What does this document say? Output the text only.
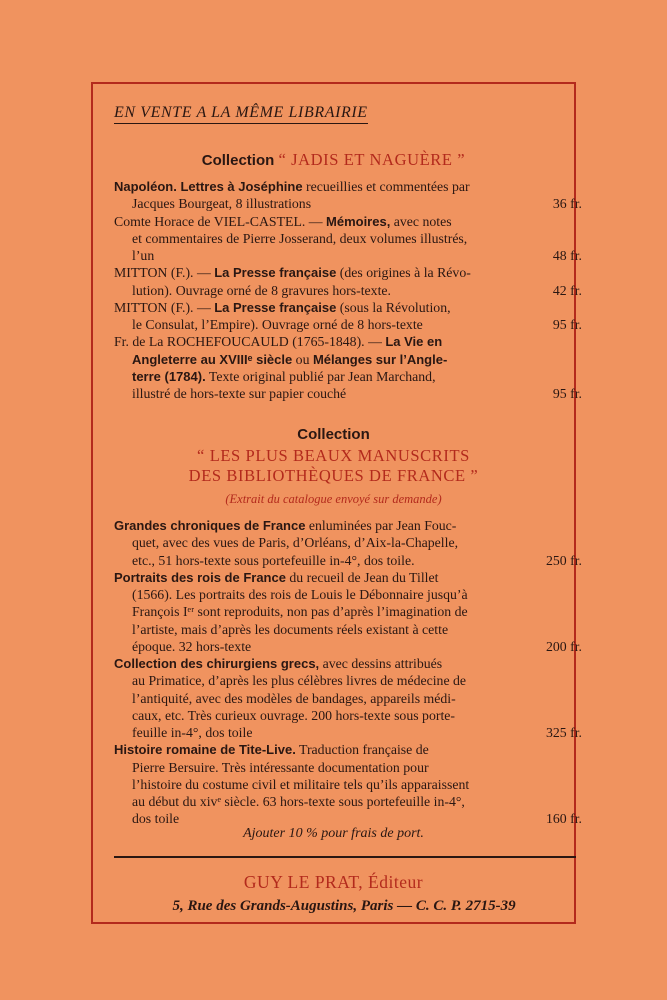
EN VENTE A LA MÊME LIBRAIRIE
Collection “ JADIS ET NAGUÈRE ”
Napoléon. Lettres à Joséphine recueillies et commentées par
Jacques Bourgeat, 8 illustrations	36 fr.
Comte Horace de VIEL-CASTEL. — Mémoires, avec notes
et commentaires de Pierre Josserand, deux volumes illustrés,
l’un	48 fr.
MITTON (F.). — La Presse française (des origines à la Révo-
lution). Ouvrage orné de 8 gravures hors-texte.	42 fr.
MITTON (F.). — La Presse française (sous la Révolution,
le Consulat, l’Empire). Ouvrage orné de 8 hors-texte	95 fr.
Fr. de La ROCHEFOUCAULD (1765-1848). — La Vie en
Angleterre au XVIIIᵉ siècle ou Mélanges sur l’Angle-
terre (1784). Texte original publié par Jean Marchand,
illustré de hors-texte sur papier couché	95 fr.
Collection
“ LES PLUS BEAUX MANUSCRITS
DES BIBLIOTHÈQUES DE FRANCE ”
(Extrait du catalogue envoyé sur demande)
Grandes chroniques de France enluminées par Jean Fouc-
quet, avec des vues de Paris, d’Orléans, d’Aix-la-Chapelle,
etc., 51 hors-texte sous portefeuille in-4°, dos toile.	250 fr.
Portraits des rois de France du recueil de Jean du Tillet
(1566). Les portraits des rois de Louis le Débonnaire jusqu’à
François Iᵉʳ sont reproduits, non pas d’après l’imagination de
l’artiste, mais d’après les documents réels existant à cette
époque. 32 hors-texte	200 fr.
Collection des chirurgiens grecs, avec dessins attribués
au Primatice, d’après les plus célèbres livres de médecine de
l’antiquité, avec des modèles de bandages, appareils médi-
caux, etc. Très curieux ouvrage. 200 hors-texte sous porte-
feuille in-4°, dos toile	325 fr.
Histoire romaine de Tite-Live. Traduction française de
Pierre Bersuire. Très intéressante documentation pour
l’histoire du costume civil et militaire tels qu’ils apparaissent
au début du xivᵉ siècle. 63 hors-texte sous portefeuille in-4°,
dos toile	160 fr.
Ajouter 10 % pour frais de port.
GUY LE PRAT, Éditeur
5, Rue des Grands-Augustins, Paris — C. C. P. 2715-39
